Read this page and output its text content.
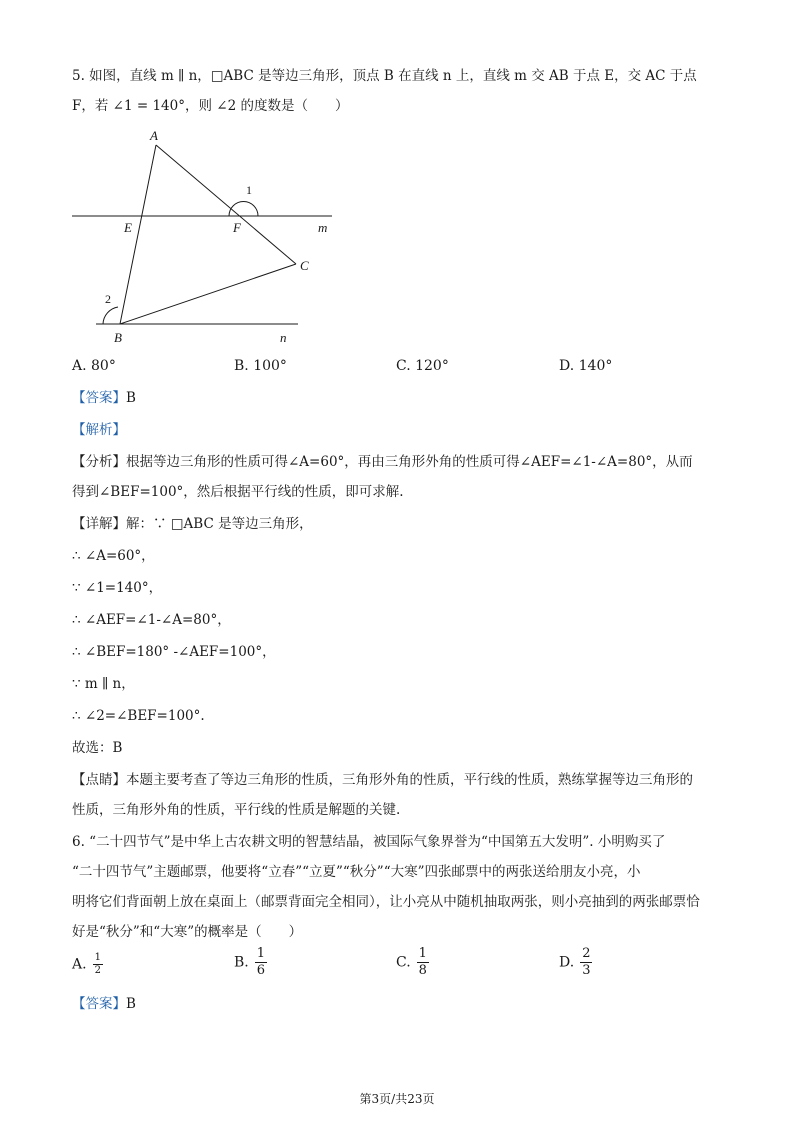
5. 如图，直线 m ∥ n，□ABC 是等边三角形，顶点 B 在直线 n 上，直线 m 交 AB 于点 E，交 AC 于点
F，若 ∠1 = 140°，则 ∠2 的度数是（　　）
A
E	F	m
C
B	n
1
2
A. 80°	B. 100°	C. 120°	D. 140°
【答案】B
【解析】
【分析】根据等边三角形的性质可得∠A=60°，再由三角形外角的性质可得∠AEF=∠1-∠A=80°，从而
得到∠BEF=100°，然后根据平行线的性质，即可求解.
【详解】解：∵ □ABC 是等边三角形，
∴ ∠A=60°，
∵ ∠1=140°，
∴ ∠AEF=∠1-∠A=80°，
∴ ∠BEF=180° -∠AEF=100°，
∵ m ∥ n，
∴ ∠2=∠BEF=100°.
故选：B
【点睛】本题主要考查了等边三角形的性质，三角形外角的性质，平行线的性质，熟练掌握等边三角形的
性质，三角形外角的性质，平行线的性质是解题的关键.
6. “二十四节气”是中华上古农耕文明的智慧结晶，被国际气象界誉为“中国第五大发明”. 小明购买了
“二十四节气”主题邮票，他要将“立春”“立夏”“秋分”“大寒”四张邮票中的两张送给朋友小亮，小
明将它们背面朝上放在桌面上（邮票背面完全相同），让小亮从中随机抽取两张，则小亮抽到的两张邮票恰
好是“秋分”和“大寒”的概率是（　　）
A. $\frac{1}{2}$	B. $\frac{1}{6}$	C. $\frac{1}{8}$	D. $\frac{2}{3}$
【答案】B
第3页/共23页
